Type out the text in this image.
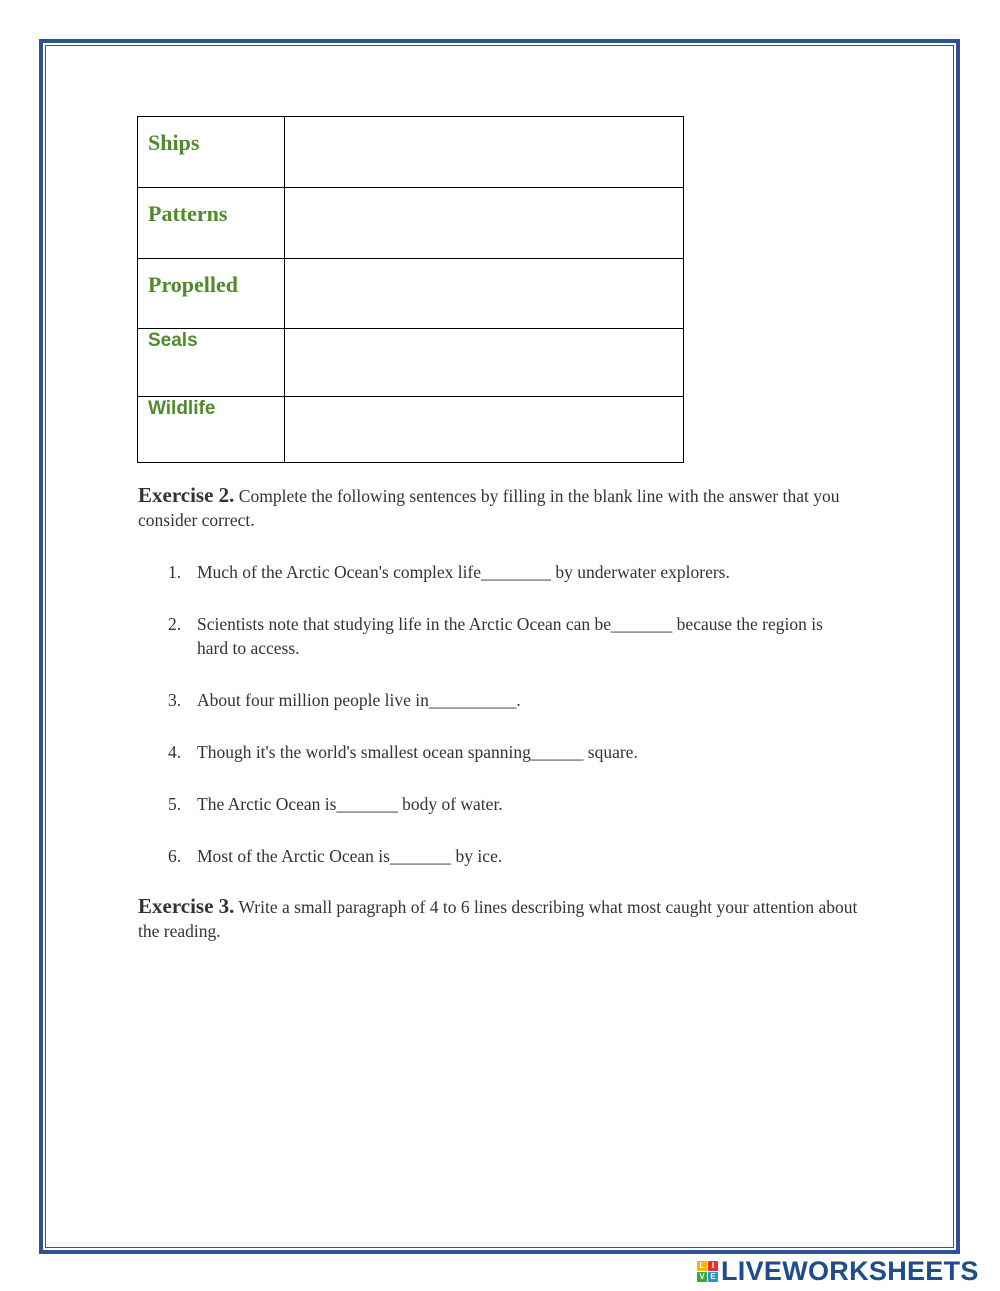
Ships	

Patterns	

Propelled	

Seals	

Wildlife	

Exercise 2. Complete the following sentences by filling in the blank line with the answer that you consider correct.
1. Much of the Arctic Ocean's complex life________ by underwater explorers.
2. Scientists note that studying life in the Arctic Ocean can be_______ because the region is hard to access.
3. About four million people live in__________.
4. Though it's the world's smallest ocean spanning______ square.
5. The Arctic Ocean is_______ body of water.
6. Most of the Arctic Ocean is_______ by ice.
Exercise 3. Write a small paragraph of 4 to 6 lines describing what most caught your attention about the reading.
L I
V E LIVEWORKSHEETS
